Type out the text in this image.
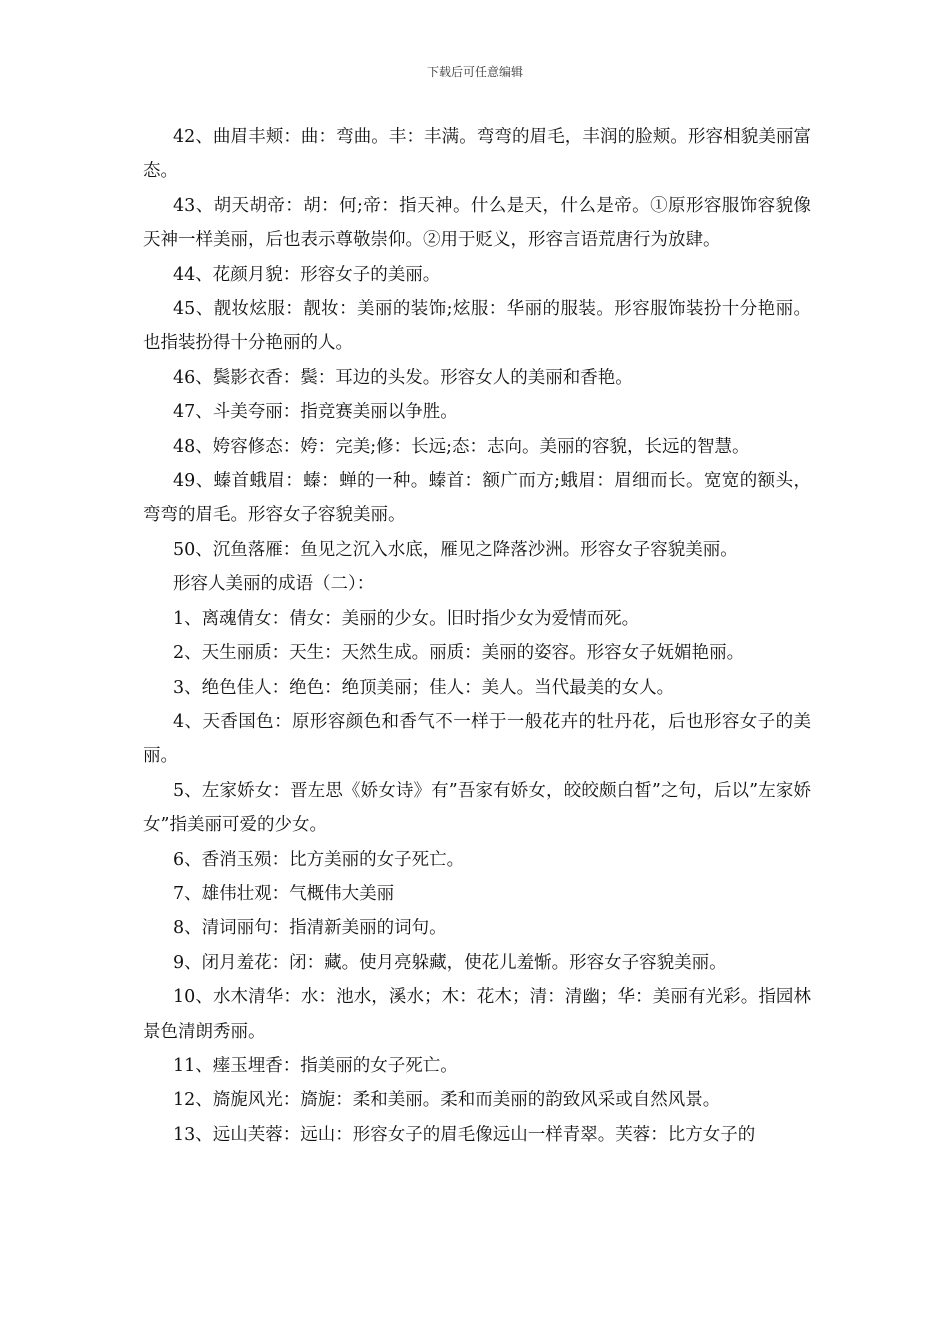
下载后可任意编辑

42、曲眉丰颊：曲：弯曲。丰：丰满。弯弯的眉毛，丰润的脸颊。形容相貌美丽富态。

43、胡天胡帝：胡：何;帝：指天神。什么是天，什么是帝。①原形容服饰容貌像天神一样美丽，后也表示尊敬崇仰。②用于贬义，形容言语荒唐行为放肆。

44、花颜月貌：形容女子的美丽。

45、靓妆炫服：靓妆：美丽的装饰;炫服：华丽的服装。形容服饰装扮十分艳丽。也指装扮得十分艳丽的人。

46、鬓影衣香：鬓：耳边的头发。形容女人的美丽和香艳。

47、斗美夸丽：指竞赛美丽以争胜。

48、姱容修态：姱：完美;修：长远;态：志向。美丽的容貌，长远的智慧。

49、螓首蛾眉：螓：蝉的一种。螓首：额广而方;蛾眉：眉细而长。宽宽的额头，弯弯的眉毛。形容女子容貌美丽。

50、沉鱼落雁：鱼见之沉入水底，雁见之降落沙洲。形容女子容貌美丽。

形容人美丽的成语（二）：

1、离魂倩女：倩女：美丽的少女。旧时指少女为爱情而死。

2、天生丽质：天生：天然生成。丽质：美丽的姿容。形容女子妩媚艳丽。

3、绝色佳人：绝色：绝顶美丽；佳人：美人。当代最美的女人。

4、天香国色：原形容颜色和香气不一样于一般花卉的牡丹花，后也形容女子的美丽。

5、左家娇女：晋左思《娇女诗》有”吾家有娇女，皎皎颇白皙”之句，后以”左家娇女”指美丽可爱的少女。

6、香消玉殒：比方美丽的女子死亡。

7、雄伟壮观：气概伟大美丽

8、清词丽句：指清新美丽的词句。

9、闭月羞花：闭：藏。使月亮躲藏，使花儿羞惭。形容女子容貌美丽。

10、水木清华：水：池水，溪水；木：花木；清：清幽；华：美丽有光彩。指园林景色清朗秀丽。

11、瘗玉埋香：指美丽的女子死亡。

12、旖旎风光：旖旎：柔和美丽。柔和而美丽的韵致风采或自然风景。

13、远山芙蓉：远山：形容女子的眉毛像远山一样青翠。芙蓉：比方女子的
